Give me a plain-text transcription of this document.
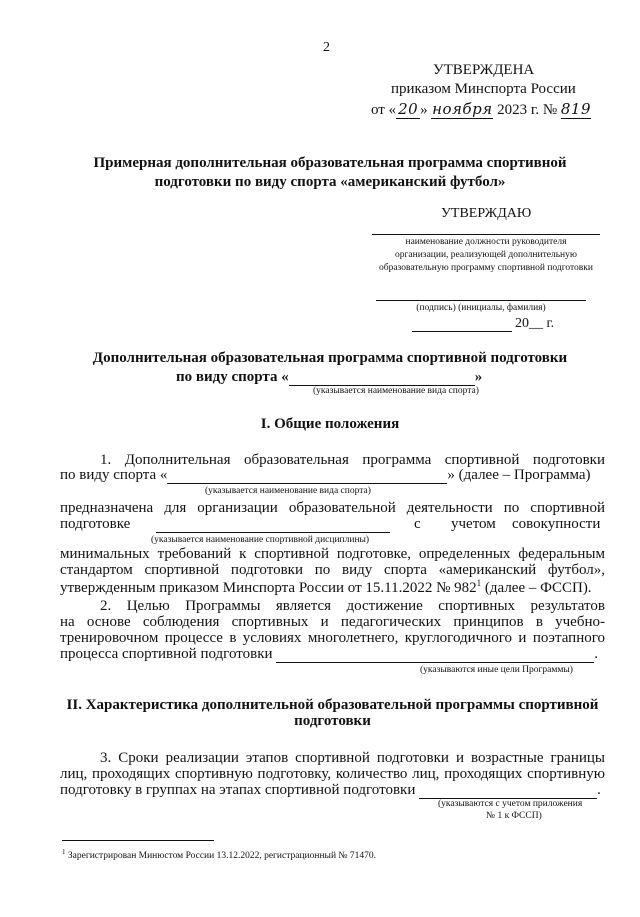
2
УТВЕРЖДЕНА
приказом Минспорта России
от « 20 » ноября 2023 г. № 819
Примерная дополнительная образовательная программа спортивной
подготовки по виду спорта «американский футбол»
УТВЕРЖДАЮ
наименование должности руководителя
организации, реализующей дополнительную
образовательную программу спортивной подготовки
(подпись) (инициалы, фамилия)
20__ г.
Дополнительная образовательная программа спортивной подготовки
по виду спорта «	»
(указывается наименование вида спорта)
I. Общие положения
1. Дополнительная образовательная программа спортивной подготовки
по виду спорта «	» (далее – Программа)
(указывается наименование вида спорта)
предназначена для организации образовательной деятельности по спортивной
подготовке	с учетом совокупности
(указывается наименование спортивной дисциплины)
минимальных требований к спортивной подготовке, определенных федеральным
стандартом спортивной подготовки по виду спорта «американский футбол»,
утвержденным приказом Минспорта России от 15.11.2022 № $982^1$ (далее – ФССП).
2. Целью Программы является достижение спортивных результатов
на основе соблюдения спортивных и педагогических принципов в учебно-
тренировочном процессе в условиях многолетнего, круглогодичного и поэтапного
процесса спортивной подготовки	.
(указываются иные цели Программы)
II. Характеристика дополнительной образовательной программы спортивной
подготовки
3. Сроки реализации этапов спортивной подготовки и возрастные границы
лиц, проходящих спортивную подготовку, количество лиц, проходящих спортивную
подготовку в группах на этапах спортивной подготовки	.
(указываются с учетом приложения
№ 1 к ФССП)
$^1$ Зарегистрирован Минюстом России 13.12.2022, регистрационный № 71470.
